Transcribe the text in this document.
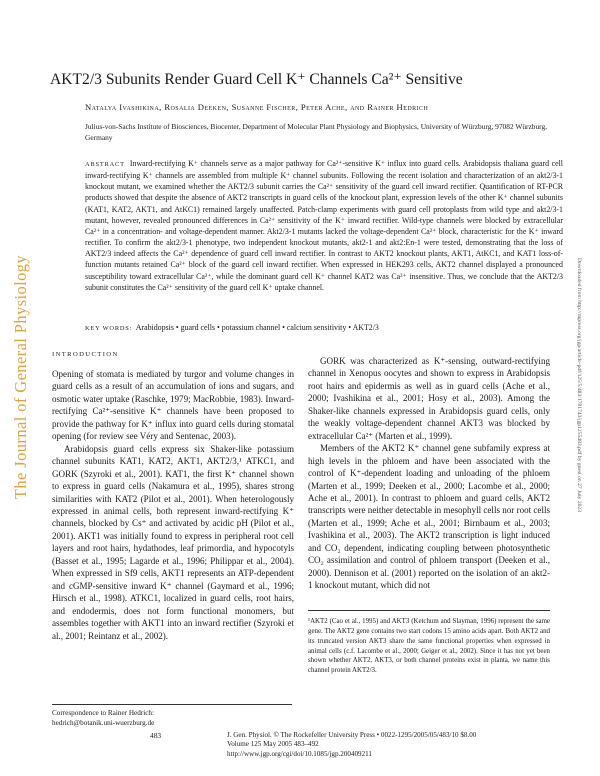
The Journal of General Physiology	Downloaded from http://rupress.org/jgp/article-pdf/125/5/483/1781743/jgp1255483.pdf by guest on 27 July 2023
AKT2/3 Subunits Render Guard Cell K⁺ Channels Ca²⁺ Sensitive
Natalya Ivashikina, Rosalia Deeken, Susanne Fischer, Peter Ache, and Rainer Hedrich
Julius-von-Sachs Institute of Biosciences, Biocenter, Department of Molecular Plant Physiology and Biophysics, University of Würzburg, 97082 Würzburg, Germany
ABSTRACT Inward-rectifying K⁺ channels serve as a major pathway for Ca²⁺-sensitive K⁺ influx into guard cells. Arabidopsis thaliana guard cell inward-rectifying K⁺ channels are assembled from multiple K⁺ channel subunits. Following the recent isolation and characterization of an akt2/3-1 knockout mutant, we examined whether the AKT2/3 subunit carries the Ca²⁺ sensitivity of the guard cell inward rectifier. Quantification of RT-PCR products showed that despite the absence of AKT2 transcripts in guard cells of the knockout plant, expression levels of the other K⁺ channel subunits (KAT1, KAT2, AKT1, and AtKC1) remained largely unaffected. Patch-clamp experiments with guard cell protoplasts from wild type and akt2/3-1 mutant, however, revealed pronounced differences in Ca²⁺ sensitivity of the K⁺ inward rectifier. Wild-type channels were blocked by extracellular Ca²⁺ in a concentration- and voltage-dependent manner. Akt2/3-1 mutants lacked the voltage-dependent Ca²⁺ block, characteristic for the K⁺ inward rectifier. To confirm the akt2/3-1 phenotype, two independent knockout mutants, akt2-1 and akt2:En-1 were tested, demonstrating that the loss of AKT2/3 indeed affects the Ca²⁺ dependence of guard cell inward rectifier. In contrast to AKT2 knockout plants, AKT1, AtKC1, and KAT1 loss-of-function mutants retained Ca²⁺ block of the guard cell inward rectifier. When expressed in HEK293 cells, AKT2 channel displayed a pronounced susceptibility toward extracellular Ca²⁺, while the dominant guard cell K⁺ channel KAT2 was Ca²⁺ insensitive. Thus, we conclude that the AKT2/3 subunit constitutes the Ca²⁺ sensitivity of the guard cell K⁺ uptake channel.
KEY WORDS: Arabidopsis • guard cells • potassium channel • calcium sensitivity • AKT2/3
INTRODUCTION

Opening of stomata is mediated by turgor and volume changes in guard cells as a result of an accumulation of ions and sugars, and osmotic water uptake (Raschke, 1979; MacRobbie, 1983). Inward-rectifying Ca²⁺-sensitive K⁺ channels have been proposed to provide the pathway for K⁺ influx into guard cells during stomatal opening (for review see Véry and Sentenac, 2003).

Arabidopsis guard cells express six Shaker-like potassium channel subunits KAT1, KAT2, AKT1, AKT2/3,¹ ATKC1, and GORK (Szyroki et al., 2001). KAT1, the first K⁺ channel shown to express in guard cells (Nakamura et al., 1995), shares strong similarities with KAT2 (Pilot et al., 2001). When heterologously expressed in animal cells, both represent inward-rectifying K⁺ channels, blocked by Cs⁺ and activated by acidic pH (Pilot et al., 2001). AKT1 was initially found to express in peripheral root cell layers and root hairs, hydathodes, leaf primordia, and hypocotyls (Basset et al., 1995; Lagarde et al., 1996; Philippar et al., 2004). When expressed in Sf9 cells, AKT1 represents an ATP-dependent and cGMP-sensitive inward K⁺ channel (Gaymard et al., 1996; Hirsch et al., 1998). ATKC1, localized in guard cells, root hairs, and endodermis, does not form functional monomers, but assembles together with AKT1 into an inward rectifier (Szyroki et al., 2001; Reintanz et al., 2002).

GORK was characterized as K⁺-sensing, outward-rectifying channel in Xenopus oocytes and shown to express in Arabidopsis root hairs and epidermis as well as in guard cells (Ache et al., 2000; Ivashikina et al., 2001; Hosy et al., 2003). Among the Shaker-like channels expressed in Arabidopsis guard cells, only the weakly voltage-dependent channel AKT3 was blocked by extracellular Ca²⁺ (Marten et al., 1999).

Members of the AKT2 K⁺ channel gene subfamily express at high levels in the phloem and have been associated with the control of K⁺-dependent loading and unloading of the phloem (Marten et al., 1999; Deeken et al., 2000; Lacombe et al., 2000; Ache et al., 2001). In contrast to phloem and guard cells, AKT2 transcripts were neither detectable in mesophyll cells nor root cells (Marten et al., 1999; Ache et al., 2001; Birnbaum et al., 2003; Ivashikina et al., 2003). The AKT2 transcription is light induced and CO₂ dependent, indicating coupling between photosynthetic CO₂ assimilation and control of phloem transport (Deeken et al., 2000). Dennison et al. (2001) reported on the isolation of an akt2-1 knockout mutant, which did not

Correspondence to Rainer Hedrich:
hedrich@botanik.uni-wuerzburg.de
¹AKT2 (Cao et al., 1995) and AKT3 (Ketchum and Slayman, 1996) represent the same gene. The AKT2 gene contains two start codons 15 amino acids apart. Both AKT2 and its truncated version AKT3 share the same functional properties when expressed in animal cells (c.f. Lacombe et al., 2000; Geiger et al., 2002). Since it has not yet been shown whether AKT2, AKT3, or both channel proteins exist in planta, we name this channel protein AKT2/3.
483	J. Gen. Physiol. © The Rockefeller University Press • 0022-1295/2005/05/483/10 $8.00
Volume 125 May 2005 483–492
http://www.jgp.org/cgi/doi/10.1085/jgp.200409211
